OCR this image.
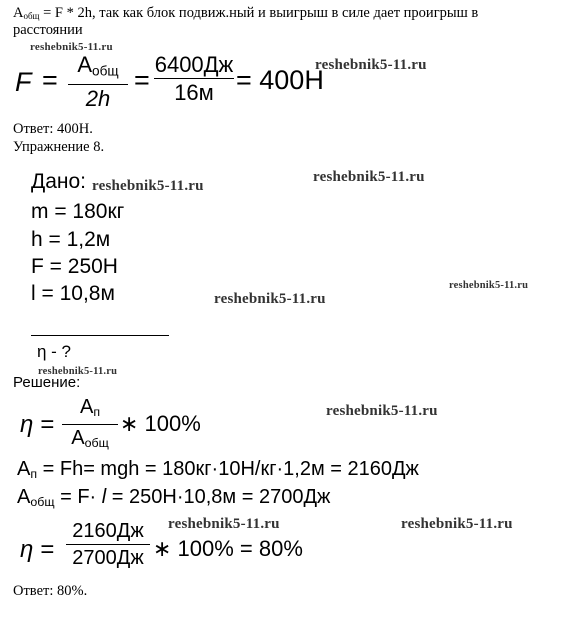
$A_{общ} = F * 2h$, так как блок подвиж.ный и выигрыш в силе дает проигрыш в
расстоянии
reshebnik5-11.ru
F =
$A_{общ}$
2h
=
6400Дж
16м = 400Н
reshebnik5-11.ru
Ответ: 400Н.
Упражнение 8.
Дано: reshebnik5-11.ru
reshebnik5-11.ru
m = 180кг
h = 1,2м
F = 250Н
l = 10,8м	reshebnik5-11.ru
reshebnik5-11.ru
η - ?
reshebnik5-11.ru
Решение:
η =
$A_п$
$A_{общ}$
∗ 100%	reshebnik5-11.ru
$A_п = Fh=$ mgh = 180кг·10Н/кг·1,2м = 2160Дж
$A_{общ} = F\cdot l = 250Н\cdot 10,8м = 2700Дж$
η =
2160Дж
2700Дж ∗ 100% = 80%
reshebnik5-11.ru	reshebnik5-11.ru
Ответ: 80%.
